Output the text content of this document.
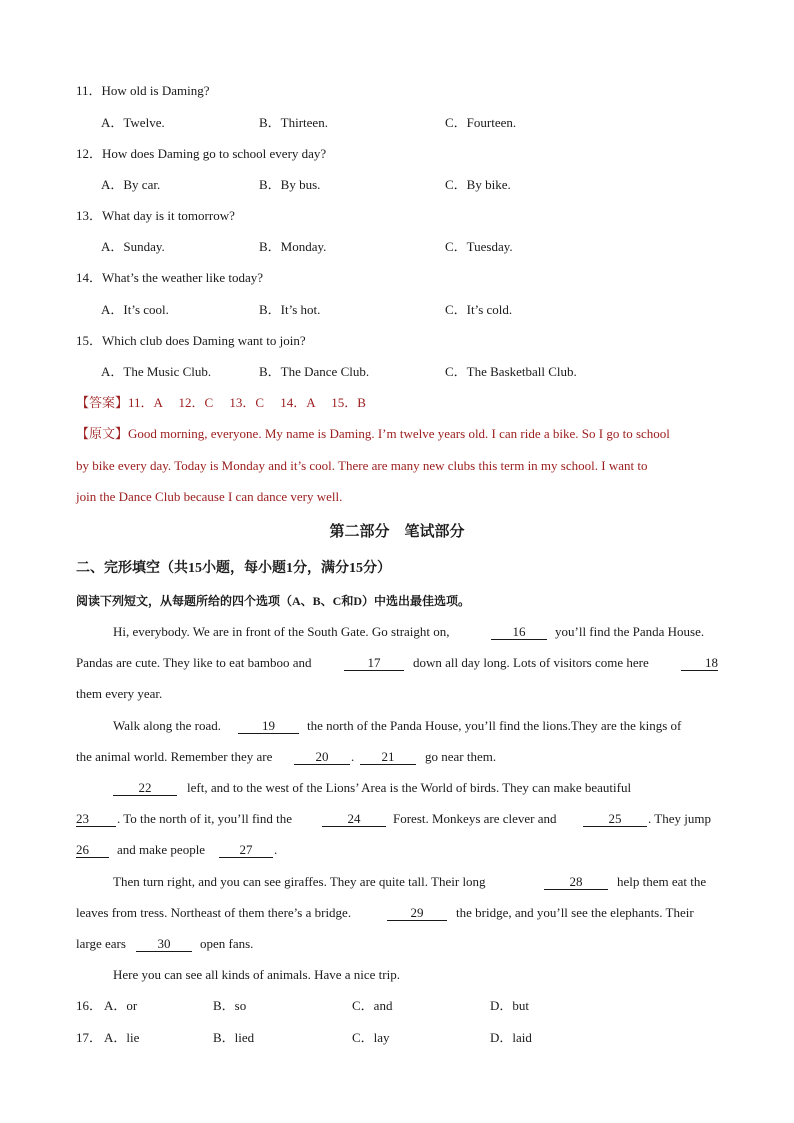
11．How old is Daming?
A．Twelve.	B．Thirteen.	C．Fourteen.
12．How does Daming go to school every day?
A．By car.	B．By bus.	C．By bike.
13．What day is it tomorrow?
A．Sunday.	B．Monday.	C．Tuesday.
14．What’s the weather like today?
A．It’s cool.	B．It’s hot.	C．It’s cold.
15．Which club does Daming want to join?
A．The Music Club.	B．The Dance Club.	C．The Basketball Club.
【答案】11．A　 12．C　 13．C　 14．A　 15．B
【原文】Good morning, everyone. My name is Daming. I’m twelve years old. I can ride a bike. So I go to school
by bike every day. Today is Monday and it’s cool. There are many new clubs this term in my school. I want to
join the Dance Club because I can dance very well.
第二部分　笔试部分
二、完形填空（共15小题，每小题1分，满分15分）
阅读下列短文，从每题所给的四个选项（A、B、C和D）中选出最佳选项。
Hi, everybody. We are in front of the South Gate. Go straight on,	16	you’ll find the Panda House.
Pandas are cute. They like to eat bamboo and	17	down all day long. Lots of visitors come here	18
them every year.
Walk along the road.	19	the north of the Panda House, you’ll find the lions.They are the kings of
the animal world. Remember they are	20	.	21	go near them.
22	left, and to the west of the Lions’ Area is the World of birds. They can make beautiful
23	. To the north of it, you’ll find the	24	Forest. Monkeys are clever and	25	. They jump
26	and make people	27	.
Then turn right, and you can see giraffes. They are quite tall. Their long	28	help them eat the
leaves from tress. Northeast of them there’s a bridge.	29	the bridge, and you’ll see the elephants. Their
large ears	30	open fans.
Here you can see all kinds of animals. Have a nice trip.
16． A．or	B．so	C．and	D．but
17． A．lie	B．lied	C．lay	D．laid
